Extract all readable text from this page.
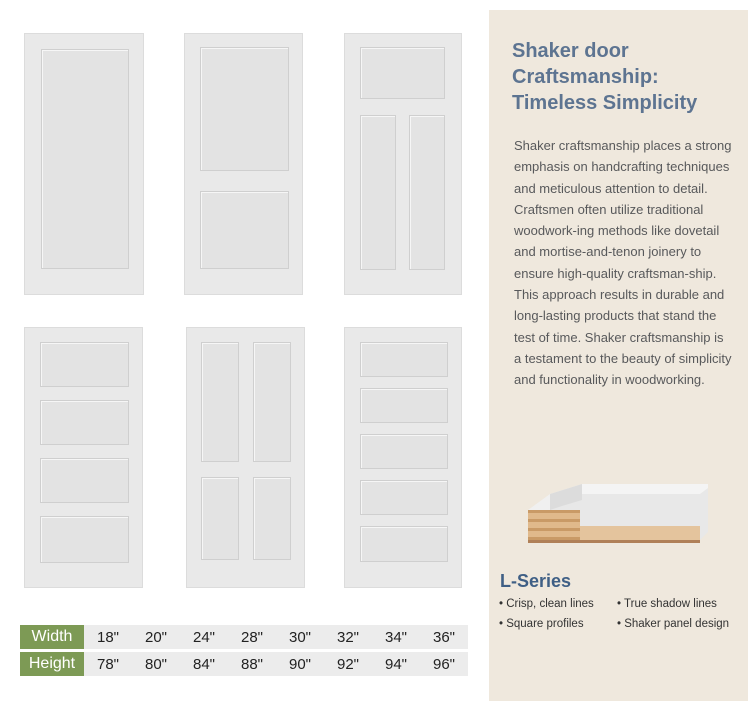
Width	18"	20"	24"	28"	30"	32"	34"	36"
Height	78"	80"	84"	88"	90"	92"	94"	96"
Shaker door Craftsmanship: Timeless Simplicity

Shaker craftsmanship places a strong emphasis on handcrafting techniques and meticulous attention to detail. Craftsmen often utilize traditional woodwork-ing methods like dovetail and mortise-and-tenon joinery to ensure high-quality craftsman-ship. This approach results in durable and long-lasting products that stand the test of time. Shaker craftsmanship is a testament to the beauty of simplicity and functionality in woodworking.

L-Series
• Crisp, clean lines	• True shadow lines
• Square profiles	• Shaker panel design
